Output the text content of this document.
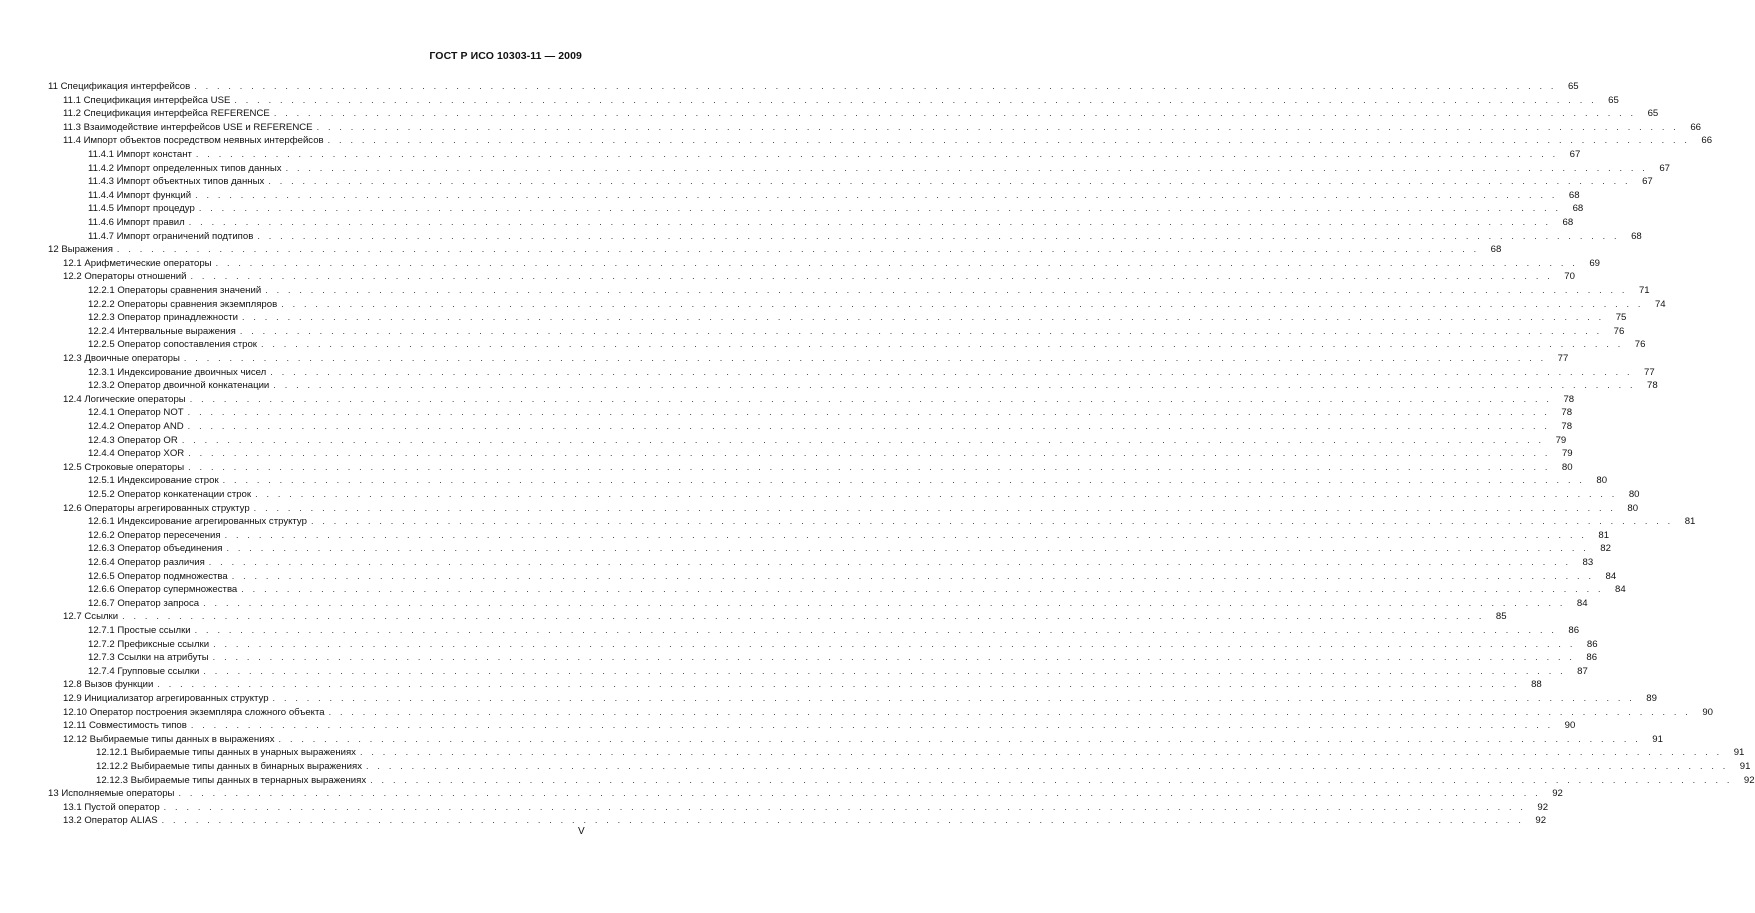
ГОСТ Р ИСО 10303-11 — 2009
11 Спецификация интерфейсов . . . . . . . . . . . . . . . . . . . . . . . . . . . . . . . . . . . . . . . . . . . . . . . . . . . . . . . . . . . . . . . . . . . . . . . . . . . . . . . . . . . . . . . . . . . . . . . . . . . . . . . . . . . . . . . . . . . . . . . .	65
11.1 Спецификация интерфейса USE . . . . . . . . . . . . . . . . . . . . . . . . . . . . . . . . . . . . . . . . . . . . . . . . . . . . . . . . . . . . . . . . . . . . . . . . . . . . . . . . . . . . . . . . . . . . . . . . . . . . . . . . . . . . . . . . . . . . . . . .	65
11.2 Спецификация интерфейса REFERENCE . . . . . . . . . . . . . . . . . . . . . . . . . . . . . . . . . . . . . . . . . . . . . . . . . . . . . . . . . . . . . . . . . . . . . . . . . . . . . . . . . . . . . . . . . . . . . . . . . . . . . . . . . . . . . . . . . . . . . . . .	65
11.3 Взаимодействие интерфейсов USE и REFERENCE . . . . . . . . . . . . . . . . . . . . . . . . . . . . . . . . . . . . . . . . . . . . . . . . . . . . . . . . . . . . . . . . . . . . . . . . . . . . . . . . . . . . . . . . . . . . . . . . . . . . . . . . . . . . . . . . . . . . . . . .	66
11.4 Импорт объектов посредством неявных интерфейсов . . . . . . . . . . . . . . . . . . . . . . . . . . . . . . . . . . . . . . . . . . . . . . . . . . . . . . . . . . . . . . . . . . . . . . . . . . . . . . . . . . . . . . . . . . . . . . . . . . . . . . . . . . . . . . . . . . . . . . . .	66
11.4.1 Импорт констант . . . . . . . . . . . . . . . . . . . . . . . . . . . . . . . . . . . . . . . . . . . . . . . . . . . . . . . . . . . . . . . . . . . . . . . . . . . . . . . . . . . . . . . . . . . . . . . . . . . . . . . . . . . . . . . . . . . . . . . .	67
11.4.2 Импорт определенных типов данных . . . . . . . . . . . . . . . . . . . . . . . . . . . . . . . . . . . . . . . . . . . . . . . . . . . . . . . . . . . . . . . . . . . . . . . . . . . . . . . . . . . . . . . . . . . . . . . . . . . . . . . . . . . . . . . . . . . . . . . .	67
11.4.3 Импорт объектных типов данных . . . . . . . . . . . . . . . . . . . . . . . . . . . . . . . . . . . . . . . . . . . . . . . . . . . . . . . . . . . . . . . . . . . . . . . . . . . . . . . . . . . . . . . . . . . . . . . . . . . . . . . . . . . . . . . . . . . . . . . .	67
11.4.4 Импорт функций . . . . . . . . . . . . . . . . . . . . . . . . . . . . . . . . . . . . . . . . . . . . . . . . . . . . . . . . . . . . . . . . . . . . . . . . . . . . . . . . . . . . . . . . . . . . . . . . . . . . . . . . . . . . . . . . . . . . . . . .	68
11.4.5 Импорт процедур . . . . . . . . . . . . . . . . . . . . . . . . . . . . . . . . . . . . . . . . . . . . . . . . . . . . . . . . . . . . . . . . . . . . . . . . . . . . . . . . . . . . . . . . . . . . . . . . . . . . . . . . . . . . . . . . . . . . . . . .	68
11.4.6 Импорт правил . . . . . . . . . . . . . . . . . . . . . . . . . . . . . . . . . . . . . . . . . . . . . . . . . . . . . . . . . . . . . . . . . . . . . . . . . . . . . . . . . . . . . . . . . . . . . . . . . . . . . . . . . . . . . . . . . . . . . . . .	68
11.4.7 Импорт ограничений подтипов . . . . . . . . . . . . . . . . . . . . . . . . . . . . . . . . . . . . . . . . . . . . . . . . . . . . . . . . . . . . . . . . . . . . . . . . . . . . . . . . . . . . . . . . . . . . . . . . . . . . . . . . . . . . . . . . . . . . . . . .	68
12 Выражения . . . . . . . . . . . . . . . . . . . . . . . . . . . . . . . . . . . . . . . . . . . . . . . . . . . . . . . . . . . . . . . . . . . . . . . . . . . . . . . . . . . . . . . . . . . . . . . . . . . . . . . . . . . . . . . . . . . . . . . .	68
12.1 Арифметические операторы . . . . . . . . . . . . . . . . . . . . . . . . . . . . . . . . . . . . . . . . . . . . . . . . . . . . . . . . . . . . . . . . . . . . . . . . . . . . . . . . . . . . . . . . . . . . . . . . . . . . . . . . . . . . . . . . . . . . . . . .	69
12.2 Операторы отношений . . . . . . . . . . . . . . . . . . . . . . . . . . . . . . . . . . . . . . . . . . . . . . . . . . . . . . . . . . . . . . . . . . . . . . . . . . . . . . . . . . . . . . . . . . . . . . . . . . . . . . . . . . . . . . . . . . . . . . . .	70
12.2.1 Операторы сравнения значений . . . . . . . . . . . . . . . . . . . . . . . . . . . . . . . . . . . . . . . . . . . . . . . . . . . . . . . . . . . . . . . . . . . . . . . . . . . . . . . . . . . . . . . . . . . . . . . . . . . . . . . . . . . . . . . . . . . . . . . .	71
12.2.2 Операторы сравнения экземпляров . . . . . . . . . . . . . . . . . . . . . . . . . . . . . . . . . . . . . . . . . . . . . . . . . . . . . . . . . . . . . . . . . . . . . . . . . . . . . . . . . . . . . . . . . . . . . . . . . . . . . . . . . . . . . . . . . . . . . . . .	74
12.2.3 Оператор принадлежности . . . . . . . . . . . . . . . . . . . . . . . . . . . . . . . . . . . . . . . . . . . . . . . . . . . . . . . . . . . . . . . . . . . . . . . . . . . . . . . . . . . . . . . . . . . . . . . . . . . . . . . . . . . . . . . . . . . . . . . .	75
12.2.4 Интервальные выражения . . . . . . . . . . . . . . . . . . . . . . . . . . . . . . . . . . . . . . . . . . . . . . . . . . . . . . . . . . . . . . . . . . . . . . . . . . . . . . . . . . . . . . . . . . . . . . . . . . . . . . . . . . . . . . . . . . . . . . . .	76
12.2.5 Оператор сопоставления строк . . . . . . . . . . . . . . . . . . . . . . . . . . . . . . . . . . . . . . . . . . . . . . . . . . . . . . . . . . . . . . . . . . . . . . . . . . . . . . . . . . . . . . . . . . . . . . . . . . . . . . . . . . . . . . . . . . . . . . . .	76
12.3 Двоичные операторы . . . . . . . . . . . . . . . . . . . . . . . . . . . . . . . . . . . . . . . . . . . . . . . . . . . . . . . . . . . . . . . . . . . . . . . . . . . . . . . . . . . . . . . . . . . . . . . . . . . . . . . . . . . . . . . . . . . . . . . .	77
12.3.1 Индексирование двоичных чисел . . . . . . . . . . . . . . . . . . . . . . . . . . . . . . . . . . . . . . . . . . . . . . . . . . . . . . . . . . . . . . . . . . . . . . . . . . . . . . . . . . . . . . . . . . . . . . . . . . . . . . . . . . . . . . . . . . . . . . . .	77
12.3.2 Оператор двоичной конкатенации . . . . . . . . . . . . . . . . . . . . . . . . . . . . . . . . . . . . . . . . . . . . . . . . . . . . . . . . . . . . . . . . . . . . . . . . . . . . . . . . . . . . . . . . . . . . . . . . . . . . . . . . . . . . . . . . . . . . . . . .	78
12.4 Логические операторы . . . . . . . . . . . . . . . . . . . . . . . . . . . . . . . . . . . . . . . . . . . . . . . . . . . . . . . . . . . . . . . . . . . . . . . . . . . . . . . . . . . . . . . . . . . . . . . . . . . . . . . . . . . . . . . . . . . . . . . .	78
12.4.1 Оператор NOT . . . . . . . . . . . . . . . . . . . . . . . . . . . . . . . . . . . . . . . . . . . . . . . . . . . . . . . . . . . . . . . . . . . . . . . . . . . . . . . . . . . . . . . . . . . . . . . . . . . . . . . . . . . . . . . . . . . . . . . .	78
12.4.2 Оператор AND . . . . . . . . . . . . . . . . . . . . . . . . . . . . . . . . . . . . . . . . . . . . . . . . . . . . . . . . . . . . . . . . . . . . . . . . . . . . . . . . . . . . . . . . . . . . . . . . . . . . . . . . . . . . . . . . . . . . . . . .	78
12.4.3 Оператор OR . . . . . . . . . . . . . . . . . . . . . . . . . . . . . . . . . . . . . . . . . . . . . . . . . . . . . . . . . . . . . . . . . . . . . . . . . . . . . . . . . . . . . . . . . . . . . . . . . . . . . . . . . . . . . . . . . . . . . . . .	79
12.4.4 Оператор XOR . . . . . . . . . . . . . . . . . . . . . . . . . . . . . . . . . . . . . . . . . . . . . . . . . . . . . . . . . . . . . . . . . . . . . . . . . . . . . . . . . . . . . . . . . . . . . . . . . . . . . . . . . . . . . . . . . . . . . . . .	79
12.5 Строковые операторы . . . . . . . . . . . . . . . . . . . . . . . . . . . . . . . . . . . . . . . . . . . . . . . . . . . . . . . . . . . . . . . . . . . . . . . . . . . . . . . . . . . . . . . . . . . . . . . . . . . . . . . . . . . . . . . . . . . . . . . .	80
12.5.1 Индексирование строк . . . . . . . . . . . . . . . . . . . . . . . . . . . . . . . . . . . . . . . . . . . . . . . . . . . . . . . . . . . . . . . . . . . . . . . . . . . . . . . . . . . . . . . . . . . . . . . . . . . . . . . . . . . . . . . . . . . . . . . .	80
12.5.2 Оператор конкатенации строк . . . . . . . . . . . . . . . . . . . . . . . . . . . . . . . . . . . . . . . . . . . . . . . . . . . . . . . . . . . . . . . . . . . . . . . . . . . . . . . . . . . . . . . . . . . . . . . . . . . . . . . . . . . . . . . . . . . . . . . .	80
12.6 Операторы агрегированных структур . . . . . . . . . . . . . . . . . . . . . . . . . . . . . . . . . . . . . . . . . . . . . . . . . . . . . . . . . . . . . . . . . . . . . . . . . . . . . . . . . . . . . . . . . . . . . . . . . . . . . . . . . . . . . . . . . . . . . . . .	80
12.6.1 Индексирование агрегированных структур . . . . . . . . . . . . . . . . . . . . . . . . . . . . . . . . . . . . . . . . . . . . . . . . . . . . . . . . . . . . . . . . . . . . . . . . . . . . . . . . . . . . . . . . . . . . . . . . . . . . . . . . . . . . . . . . . . . . . . . .	81
12.6.2 Оператор пересечения . . . . . . . . . . . . . . . . . . . . . . . . . . . . . . . . . . . . . . . . . . . . . . . . . . . . . . . . . . . . . . . . . . . . . . . . . . . . . . . . . . . . . . . . . . . . . . . . . . . . . . . . . . . . . . . . . . . . . . . .	81
12.6.3 Оператор объединения . . . . . . . . . . . . . . . . . . . . . . . . . . . . . . . . . . . . . . . . . . . . . . . . . . . . . . . . . . . . . . . . . . . . . . . . . . . . . . . . . . . . . . . . . . . . . . . . . . . . . . . . . . . . . . . . . . . . . . . .	82
12.6.4 Оператор различия . . . . . . . . . . . . . . . . . . . . . . . . . . . . . . . . . . . . . . . . . . . . . . . . . . . . . . . . . . . . . . . . . . . . . . . . . . . . . . . . . . . . . . . . . . . . . . . . . . . . . . . . . . . . . . . . . . . . . . . .	83
12.6.5 Оператор подмножества . . . . . . . . . . . . . . . . . . . . . . . . . . . . . . . . . . . . . . . . . . . . . . . . . . . . . . . . . . . . . . . . . . . . . . . . . . . . . . . . . . . . . . . . . . . . . . . . . . . . . . . . . . . . . . . . . . . . . . . .	84
12.6.6 Оператор супермножества . . . . . . . . . . . . . . . . . . . . . . . . . . . . . . . . . . . . . . . . . . . . . . . . . . . . . . . . . . . . . . . . . . . . . . . . . . . . . . . . . . . . . . . . . . . . . . . . . . . . . . . . . . . . . . . . . . . . . . . .	84
12.6.7 Оператор запроса . . . . . . . . . . . . . . . . . . . . . . . . . . . . . . . . . . . . . . . . . . . . . . . . . . . . . . . . . . . . . . . . . . . . . . . . . . . . . . . . . . . . . . . . . . . . . . . . . . . . . . . . . . . . . . . . . . . . . . . .	84
12.7 Ссылки . . . . . . . . . . . . . . . . . . . . . . . . . . . . . . . . . . . . . . . . . . . . . . . . . . . . . . . . . . . . . . . . . . . . . . . . . . . . . . . . . . . . . . . . . . . . . . . . . . . . . . . . . . . . . . . . . . . . . . . .	85
12.7.1 Простые ссылки . . . . . . . . . . . . . . . . . . . . . . . . . . . . . . . . . . . . . . . . . . . . . . . . . . . . . . . . . . . . . . . . . . . . . . . . . . . . . . . . . . . . . . . . . . . . . . . . . . . . . . . . . . . . . . . . . . . . . . . .	86
12.7.2 Префиксные ссылки . . . . . . . . . . . . . . . . . . . . . . . . . . . . . . . . . . . . . . . . . . . . . . . . . . . . . . . . . . . . . . . . . . . . . . . . . . . . . . . . . . . . . . . . . . . . . . . . . . . . . . . . . . . . . . . . . . . . . . . .	86
12.7.3 Ссылки на атрибуты . . . . . . . . . . . . . . . . . . . . . . . . . . . . . . . . . . . . . . . . . . . . . . . . . . . . . . . . . . . . . . . . . . . . . . . . . . . . . . . . . . . . . . . . . . . . . . . . . . . . . . . . . . . . . . . . . . . . . . . .	86
12.7.4 Групповые ссылки . . . . . . . . . . . . . . . . . . . . . . . . . . . . . . . . . . . . . . . . . . . . . . . . . . . . . . . . . . . . . . . . . . . . . . . . . . . . . . . . . . . . . . . . . . . . . . . . . . . . . . . . . . . . . . . . . . . . . . . .	87
12.8 Вызов функции . . . . . . . . . . . . . . . . . . . . . . . . . . . . . . . . . . . . . . . . . . . . . . . . . . . . . . . . . . . . . . . . . . . . . . . . . . . . . . . . . . . . . . . . . . . . . . . . . . . . . . . . . . . . . . . . . . . . . . . .	88
12.9 Инициализатор агрегированных структур . . . . . . . . . . . . . . . . . . . . . . . . . . . . . . . . . . . . . . . . . . . . . . . . . . . . . . . . . . . . . . . . . . . . . . . . . . . . . . . . . . . . . . . . . . . . . . . . . . . . . . . . . . . . . . . . . . . . . . . .	89
12.10 Оператор построения экземпляра сложного объекта . . . . . . . . . . . . . . . . . . . . . . . . . . . . . . . . . . . . . . . . . . . . . . . . . . . . . . . . . . . . . . . . . . . . . . . . . . . . . . . . . . . . . . . . . . . . . . . . . . . . . . . . . . . . . . . . . . . . . . . .	90
12.11 Совместимость типов . . . . . . . . . . . . . . . . . . . . . . . . . . . . . . . . . . . . . . . . . . . . . . . . . . . . . . . . . . . . . . . . . . . . . . . . . . . . . . . . . . . . . . . . . . . . . . . . . . . . . . . . . . . . . . . . . . . . . . . .	90
12.12 Выбираемые типы данных в выражениях . . . . . . . . . . . . . . . . . . . . . . . . . . . . . . . . . . . . . . . . . . . . . . . . . . . . . . . . . . . . . . . . . . . . . . . . . . . . . . . . . . . . . . . . . . . . . . . . . . . . . . . . . . . . . . . . . . . . . . . .	91
12.12.1 Выбираемые типы данных в унарных выражениях . . . . . . . . . . . . . . . . . . . . . . . . . . . . . . . . . . . . . . . . . . . . . . . . . . . . . . . . . . . . . . . . . . . . . . . . . . . . . . . . . . . . . . . . . . . . . . . . . . . . . . . . . . . . . . . . . . . . . . . .	91
12.12.2 Выбираемые типы данных в бинарных выражениях . . . . . . . . . . . . . . . . . . . . . . . . . . . . . . . . . . . . . . . . . . . . . . . . . . . . . . . . . . . . . . . . . . . . . . . . . . . . . . . . . . . . . . . . . . . . . . . . . . . . . . . . . . . . . . . . . . . . . . . .	91
12.12.3 Выбираемые типы данных в тернарных выражениях . . . . . . . . . . . . . . . . . . . . . . . . . . . . . . . . . . . . . . . . . . . . . . . . . . . . . . . . . . . . . . . . . . . . . . . . . . . . . . . . . . . . . . . . . . . . . . . . . . . . . . . . . . . . . . . . . . . . . . . .	92
13 Исполняемые операторы . . . . . . . . . . . . . . . . . . . . . . . . . . . . . . . . . . . . . . . . . . . . . . . . . . . . . . . . . . . . . . . . . . . . . . . . . . . . . . . . . . . . . . . . . . . . . . . . . . . . . . . . . . . . . . . . . . . . . . . .	92
13.1 Пустой оператор . . . . . . . . . . . . . . . . . . . . . . . . . . . . . . . . . . . . . . . . . . . . . . . . . . . . . . . . . . . . . . . . . . . . . . . . . . . . . . . . . . . . . . . . . . . . . . . . . . . . . . . . . . . . . . . . . . . . . . . .	92
13.2 Оператор ALIAS . . . . . . . . . . . . . . . . . . . . . . . . . . . . . . . . . . . . . . . . . . . . . . . . . . . . . . . . . . . . . . . . . . . . . . . . . . . . . . . . . . . . . . . . . . . . . . . . . . . . . . . . . . . . . . . . . . . . . . . .	92
V
